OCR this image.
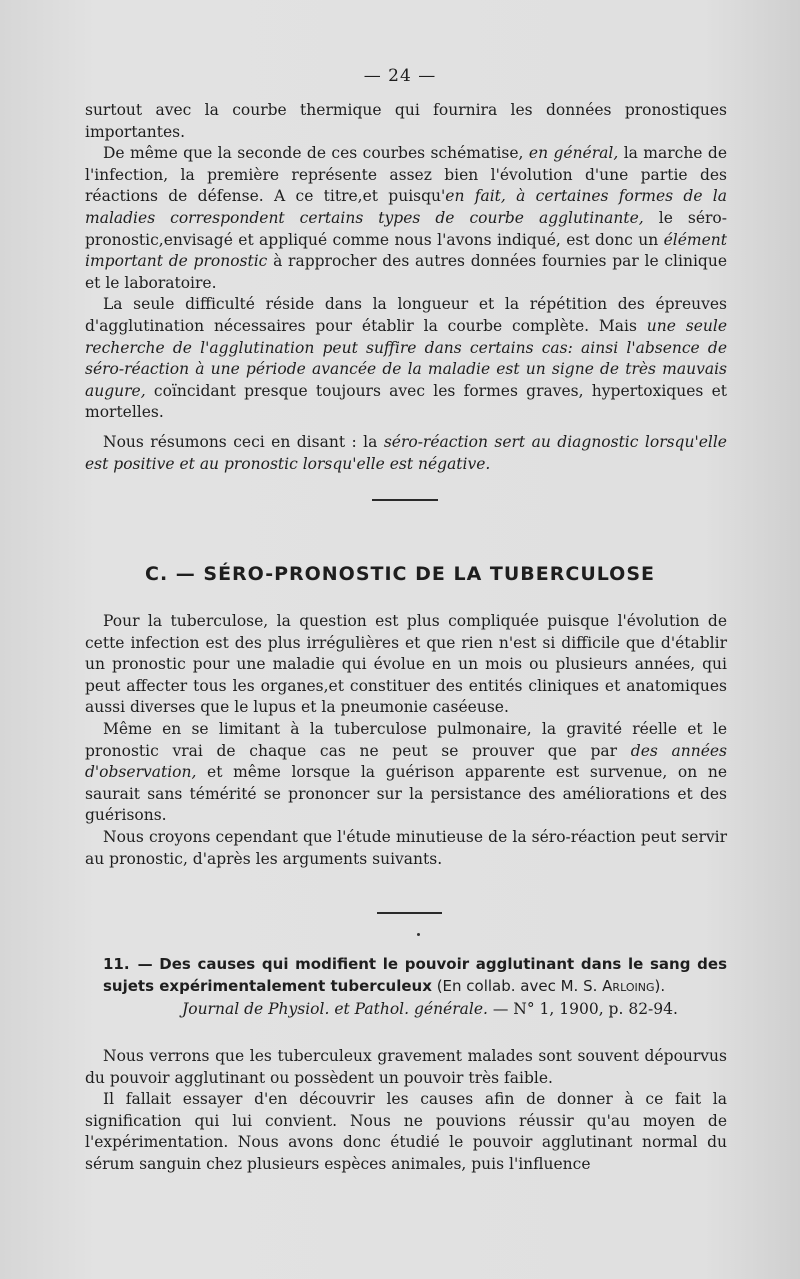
— 24 —

surtout avec la courbe thermique qui fournira les données pronostiques importantes.

De même que la seconde de ces courbes schématise, en général, la marche de l'infection, la première représente assez bien l'évolution d'une partie des réactions de défense. A ce titre,et puisqu'en fait, à certaines formes de la maladies correspondent certains types de courbe agglutinante, le séro-pronostic,envisagé et appliqué comme nous l'avons indiqué, est donc un élément important de pronostic à rapprocher des autres données fournies par le clinique et le laboratoire.

La seule difficulté réside dans la longueur et la répétition des épreuves d'agglutination nécessaires pour établir la courbe complète. Mais une seule recherche de l'agglutination peut suffire dans certains cas: ainsi l'absence de séro-réaction à une période avancée de la maladie est un signe de très mauvais augure, coïncidant presque toujours avec les formes graves, hypertoxiques et mortelles.

Nous résumons ceci en disant : la séro-réaction sert au diagnostic lorsqu'elle est positive et au pronostic lorsqu'elle est négative.

C. — SÉRO-PRONOSTIC DE LA TUBERCULOSE

Pour la tuberculose, la question est plus compliquée puisque l'évolution de cette infection est des plus irrégulières et que rien n'est si difficile que d'établir un pronostic pour une maladie qui évolue en un mois ou plusieurs années, qui peut affecter tous les organes,et constituer des entités cliniques et anatomiques aussi diverses que le lupus et la pneumonie caséeuse.

Même en se limitant à la tuberculose pulmonaire, la gravité réelle et le pronostic vrai de chaque cas ne peut se prouver que par des années d'observation, et même lorsque la guérison apparente est survenue, on ne saurait sans témérité se prononcer sur la persistance des améliorations et des guérisons.

Nous croyons cependant que l'étude minutieuse de la séro-réaction peut servir au pronostic, d'après les arguments suivants.

11. — Des causes qui modifient le pouvoir agglutinant dans le sang des sujets expérimentalement tuberculeux (En collab. avec M. S. Arloing).
Journal de Physiol. et Pathol. générale. — N° 1, 1900, p. 82-94.

Nous verrons que les tuberculeux gravement malades sont souvent dépourvus du pouvoir agglutinant ou possèdent un pouvoir très faible.

Il fallait essayer d'en découvrir les causes afin de donner à ce fait la signification qui lui convient. Nous ne pouvions réussir qu'au moyen de l'expérimentation. Nous avons donc étudié le pouvoir agglutinant normal du sérum sanguin chez plusieurs espèces animales, puis l'influence
